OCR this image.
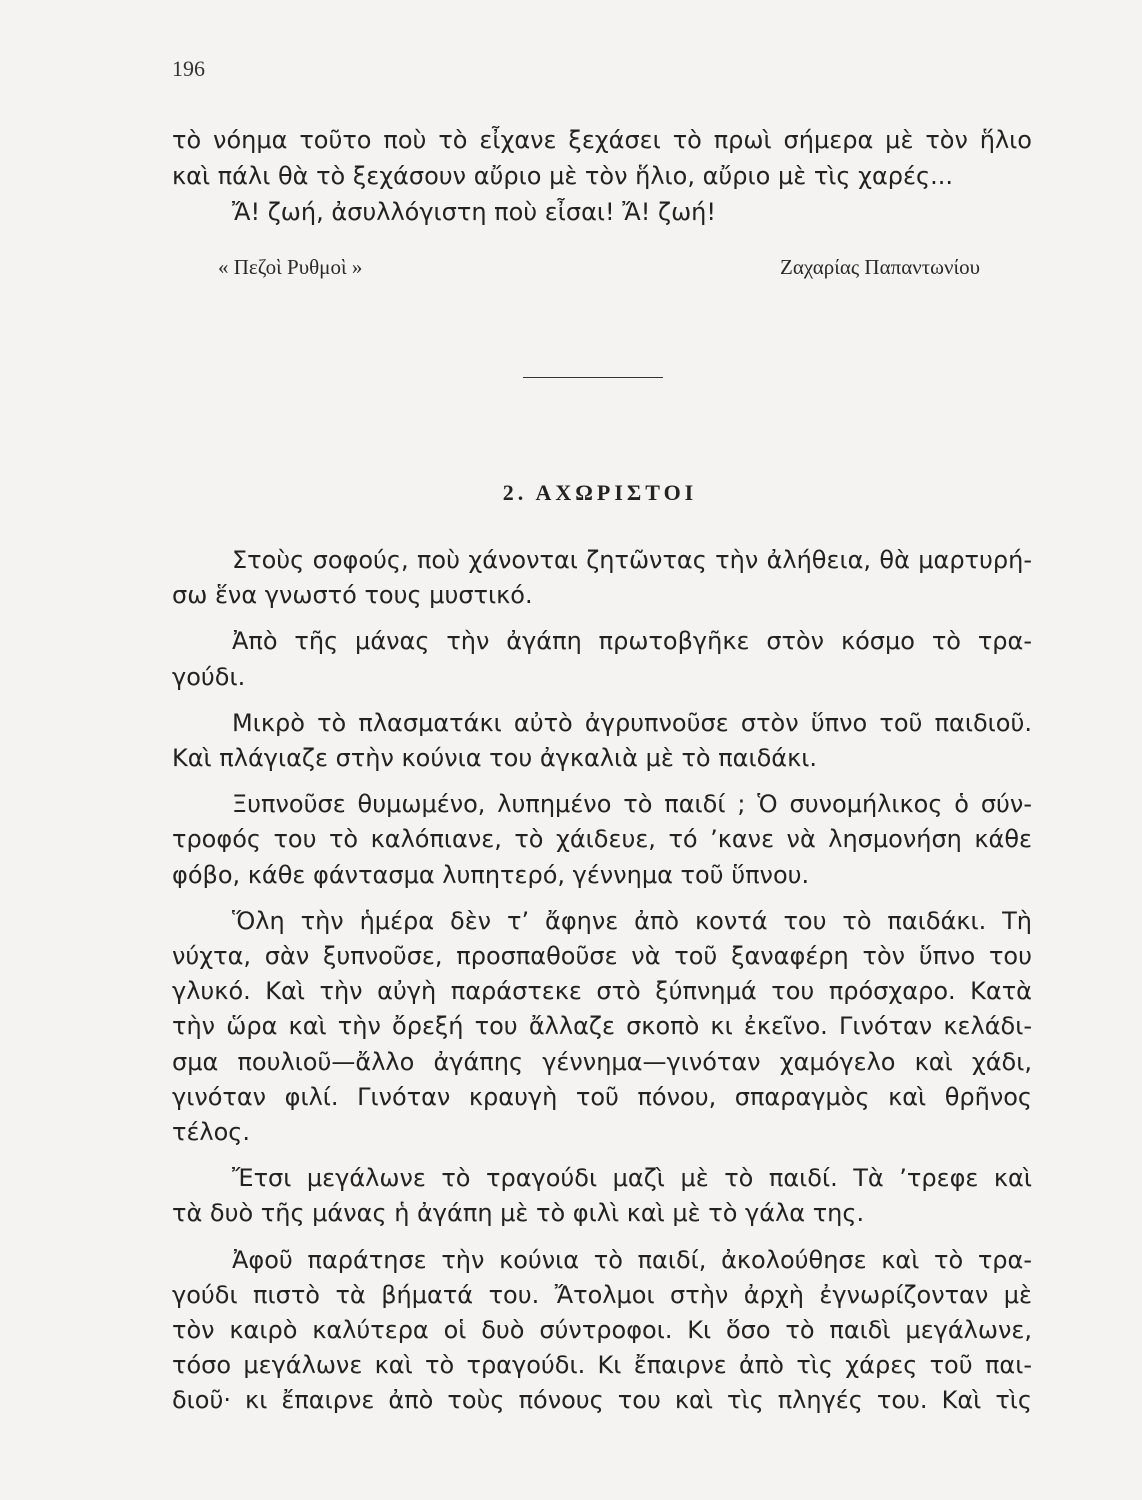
196
τὸ νόημα τοῦτο ποὺ τὸ εἶχανε ξεχάσει τὸ πρωὶ σήμερα μὲ τὸν ἥλιο
καὶ πάλι θὰ τὸ ξεχάσουν αὔριο μὲ τὸν ἥλιο, αὔριο μὲ τὶς χαρές...
Ἄ! ζωή, ἀσυλλόγιστη ποὺ εἶσαι! Ἄ! ζωή!
« Πεζοὶ Ρυθμοὶ »	Ζαχαρίας Παπαντωνίου
2. ΑΧΩΡΙΣΤΟΙ
Στοὺς σοφούς, ποὺ χάνονται ζητῶντας τὴν ἀλήθεια, θὰ μαρτυρή-
σω ἕνα γνωστό τους μυστικό.
Ἀπὸ τῆς μάνας τὴν ἀγάπη πρωτοβγῆκε στὸν κόσμο τὸ τρα-
γούδι.
Μικρὸ τὸ πλασματάκι αὐτὸ ἀγρυπνοῦσε στὸν ὕπνο τοῦ παιδιοῦ.
Καὶ πλάγιαζε στὴν κούνια του ἀγκαλιὰ μὲ τὸ παιδάκι.
Ξυπνοῦσε θυμωμένο, λυπημένο τὸ παιδί ; Ὁ συνομήλικος ὁ σύν-
τροφός του τὸ καλόπιανε, τὸ χάιδευε, τό ʼκανε νὰ λησμονήση κάθε
φόβο, κάθε φάντασμα λυπητερό, γέννημα τοῦ ὕπνου.
Ὅλη τὴν ἡμέρα δὲν τʼ ἄφηνε ἀπὸ κοντά του τὸ παιδάκι. Τὴ
νύχτα, σὰν ξυπνοῦσε, προσπαθοῦσε νὰ τοῦ ξαναφέρη τὸν ὕπνο του
γλυκό. Καὶ τὴν αὐγὴ παράστεκε στὸ ξύπνημά του πρόσχαρο. Κατὰ
τὴν ὥρα καὶ τὴν ὄρεξή του ἄλλαζε σκοπὸ κι ἐκεῖνο. Γινόταν κελάδι-
σμα πουλιοῦ—ἄλλο ἀγάπης γέννημα—γινόταν χαμόγελο καὶ χάδι,
γινόταν φιλί. Γινόταν κραυγὴ τοῦ πόνου, σπαραγμὸς καὶ θρῆνος
τέλος.
Ἔτσι μεγάλωνε τὸ τραγούδι μαζὶ μὲ τὸ παιδί. Τὰ ʼτρεφε καὶ
τὰ δυὸ τῆς μάνας ἡ ἀγάπη μὲ τὸ φιλὶ καὶ μὲ τὸ γάλα της.
Ἀφοῦ παράτησε τὴν κούνια τὸ παιδί, ἀκολούθησε καὶ τὸ τρα-
γούδι πιστὸ τὰ βήματά του. Ἄτολμοι στὴν ἀρχὴ ἐγνωρίζονταν μὲ
τὸν καιρὸ καλύτερα οἱ δυὸ σύντροφοι. Κι ὅσο τὸ παιδὶ μεγάλωνε,
τόσο μεγάλωνε καὶ τὸ τραγούδι. Κι ἔπαιρνε ἀπὸ τὶς χάρες τοῦ παι-
διοῦ· κι ἔπαιρνε ἀπὸ τοὺς πόνους του καὶ τὶς πληγές του. Καὶ τὶς
